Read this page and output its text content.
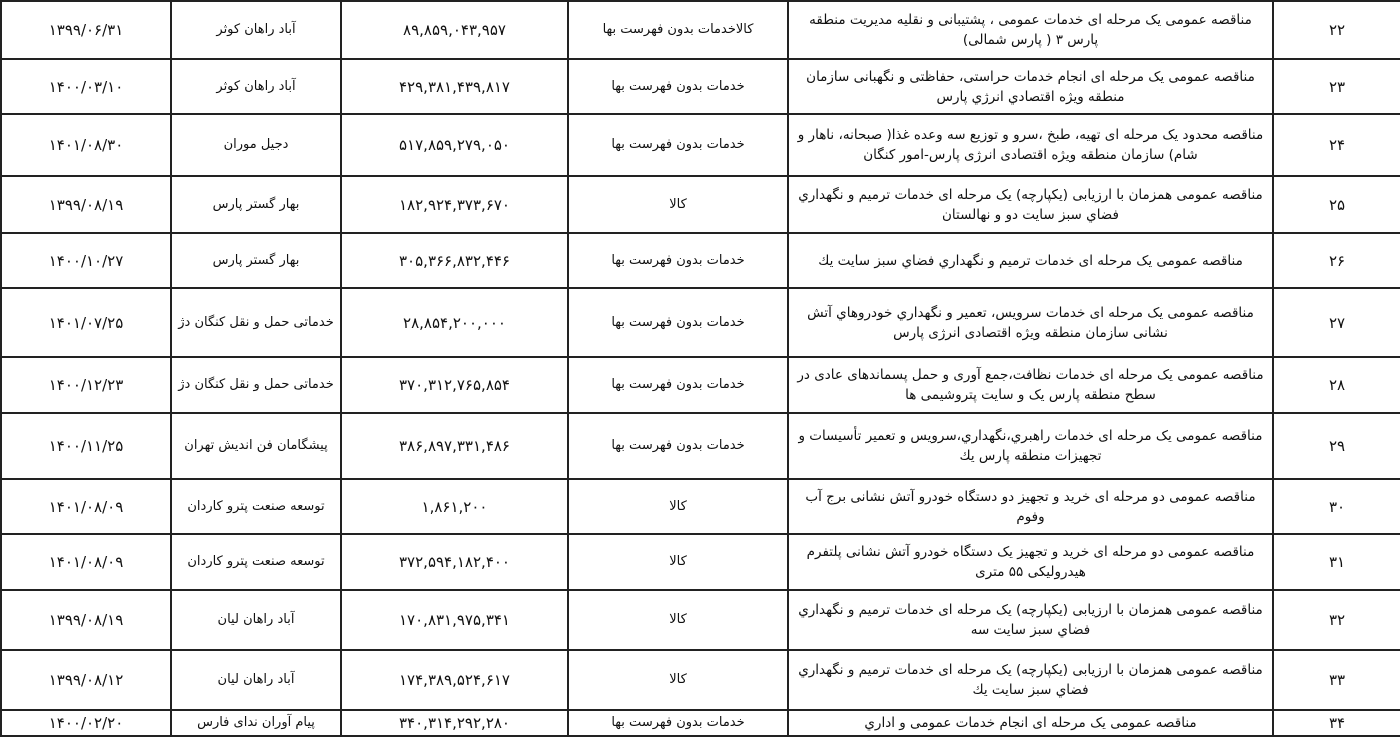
۲۲	مناقصه عمومی یک مرحله ای خدمات عمومی ، پشتیبانی و نقلیه مدیریت منطقه پارس ۳ ( پارس شمالی)	کالاخدمات بدون فهرست بها	۸۹,۸۵۹,۰۴۳,۹۵۷	آباد راهان کوثر	۱۳۹۹/۰۶/۳۱
۲۳	مناقصه عمومی یک مرحله ای انجام خدمات حراستی، حفاظتی و نگهبانی سازمان منطقه ویژه اقتصادي انرژي پارس	خدمات بدون فهرست بها	۴۲۹,۳۸۱,۴۳۹,۸۱۷	آباد راهان کوثر	۱۴۰۰/۰۳/۱۰
۲۴	مناقصه محدود یک مرحله ای تهیه، طبخ ،سرو و توزیع سه وعده غذا( صبحانه، ناهار و شام) سازمان منطقه ویژه اقتصادی انرژی پارس-امور کنگان	خدمات بدون فهرست بها	۵۱۷,۸۵۹,۲۷۹,۰۵۰	دجیل موران	۱۴۰۱/۰۸/۳۰
۲۵	مناقصه عمومی همزمان با ارزیابی (یکپارچه) یک مرحله ای خدمات ترمیم و نگهداري فضاي سبز سایت دو و نهالستان	کالا	۱۸۲,۹۲۴,۳۷۳,۶۷۰	بهار گستر پارس	۱۳۹۹/۰۸/۱۹
۲۶	مناقصه عمومی یک مرحله ای خدمات ترمیم و نگهداري فضاي سبز سایت یك	خدمات بدون فهرست بها	۳۰۵,۳۶۶,۸۳۲,۴۴۶	بهار گستر پارس	۱۴۰۰/۱۰/۲۷
۲۷	مناقصه عمومی یک مرحله ای خدمات سرویس، تعمیر و نگهداري خودروهاي آتش نشانی سازمان منطقه ویژه اقتصادی انرژی پارس	خدمات بدون فهرست بها	۲۸,۸۵۴,۲۰۰,۰۰۰	خدماتی حمل و نقل کنگان دژ	۱۴۰۱/۰۷/۲۵
۲۸	مناقصه عمومی یک مرحله ای خدمات نظافت،جمع آوری و حمل پسماندهای عادی در سطح منطقه پارس یک و سایت پتروشیمی ها	خدمات بدون فهرست بها	۳۷۰,۳۱۲,۷۶۵,۸۵۴	خدماتی حمل و نقل کنگان دژ	۱۴۰۰/۱۲/۲۳
۲۹	مناقصه عمومی یک مرحله ای خدمات راهبري،نگهداري،سرویس و تعمیر تأسیسات و تجهیزات منطقه پارس یك	خدمات بدون فهرست بها	۳۸۶,۸۹۷,۳۳۱,۴۸۶	پیشگامان فن اندیش تهران	۱۴۰۰/۱۱/۲۵
۳۰	مناقصه عمومی دو مرحله ای خرید و تجهیز دو دستگاه خودرو آتش نشانی برج آب وفوم	کالا	۱,۸۶۱,۲۰۰	توسعه صنعت پترو کاردان	۱۴۰۱/۰۸/۰۹
۳۱	مناقصه عمومی دو مرحله ای خرید و تجهیز یک دستگاه خودرو آتش نشانی پلتفرم هیدرولیکی ۵۵ متری	کالا	۳۷۲,۵۹۴,۱۸۲,۴۰۰	توسعه صنعت پترو کاردان	۱۴۰۱/۰۸/۰۹
۳۲	مناقصه عمومی همزمان با ارزیابی (یکپارچه) یک مرحله ای خدمات ترمیم و نگهداري فضاي سبز سایت سه	کالا	۱۷۰,۸۳۱,۹۷۵,۳۴۱	آباد راهان لیان	۱۳۹۹/۰۸/۱۹
۳۳	مناقصه عمومی همزمان با ارزیابی (یکپارچه) یک مرحله ای خدمات ترمیم و نگهداري فضاي سبز سایت یك	کالا	۱۷۴,۳۸۹,۵۲۴,۶۱۷	آباد راهان لیان	۱۳۹۹/۰۸/۱۲
۳۴	مناقصه عمومی یک مرحله ای انجام خدمات عمومی و اداري	خدمات بدون فهرست بها	۳۴۰,۳۱۴,۲۹۲,۲۸۰	پیام آوران ندای فارس	۱۴۰۰/۰۲/۲۰
